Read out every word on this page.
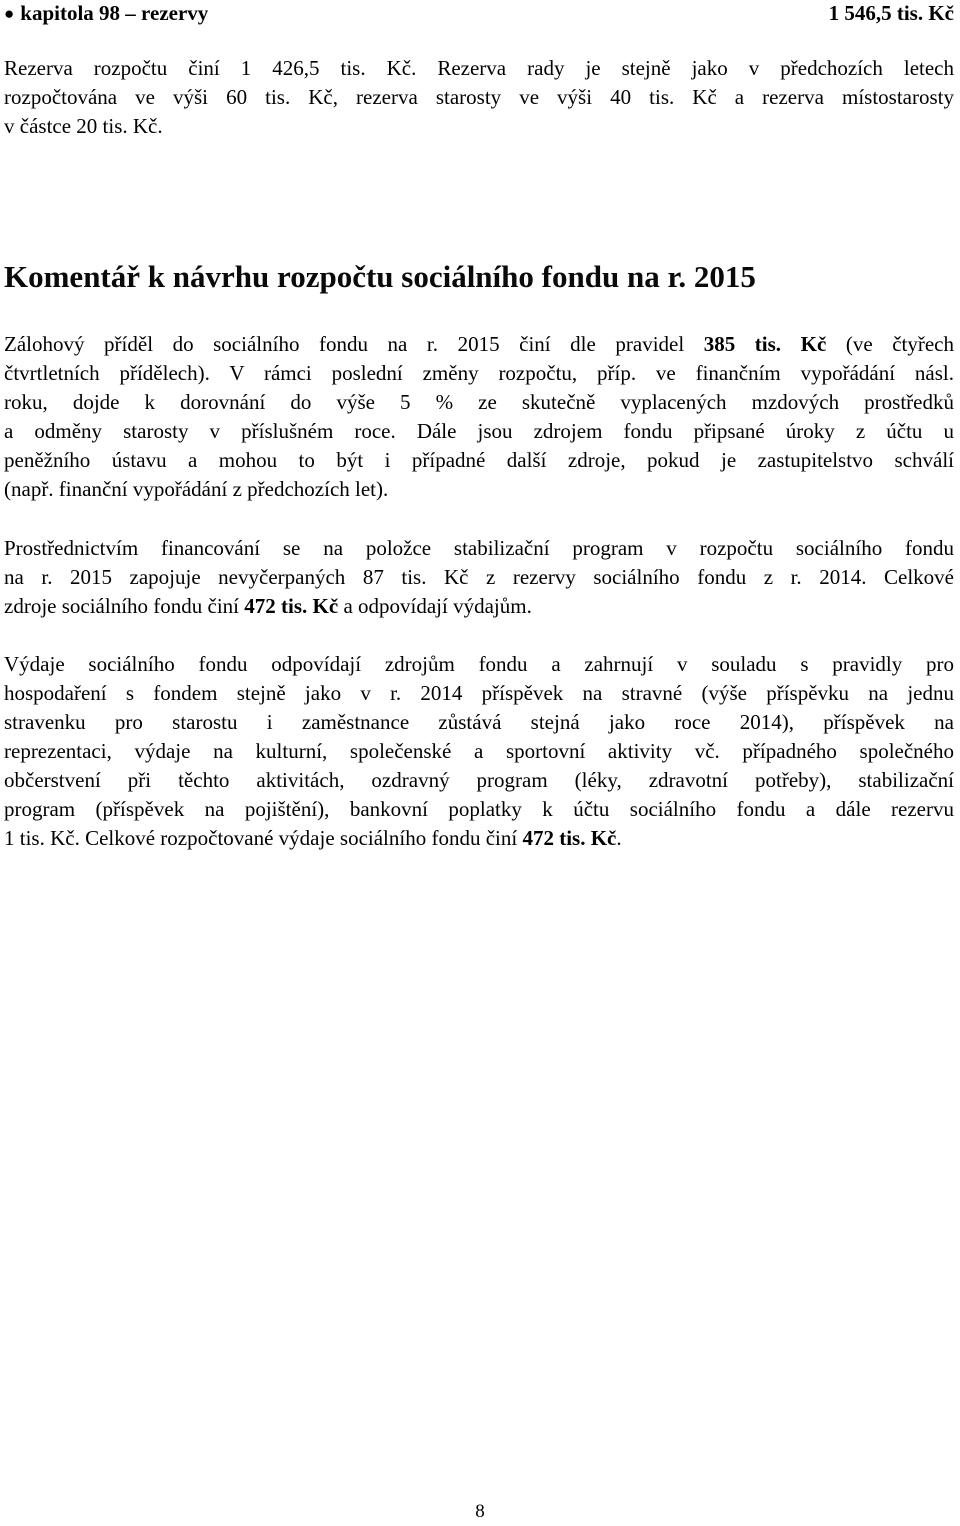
● kapitola 98 – rezervy	1 546,5 tis. Kč
Rezerva rozpočtu činí 1 426,5 tis. Kč. Rezerva rady je stejně jako v předchozích letech
rozpočtována ve výši 60 tis. Kč, rezerva starosty ve výši 40 tis. Kč a rezerva místostarosty
v částce 20 tis. Kč.
Komentář k návrhu rozpočtu sociálního fondu na r. 2015
Zálohový příděl do sociálního fondu na r. 2015 činí dle pravidel 385 tis. Kč (ve čtyřech
čtvrtletních přídělech). V rámci poslední změny rozpočtu, příp. ve finančním vypořádání násl.
roku, dojde k dorovnání do výše 5 % ze skutečně vyplacených mzdových prostředků
a odměny starosty v příslušném roce. Dále jsou zdrojem fondu připsané úroky z účtu u
peněžního ústavu a mohou to být i případné další zdroje, pokud je zastupitelstvo schválí
(např. finanční vypořádání z předchozích let).
Prostřednictvím financování se na položce stabilizační program v rozpočtu sociálního fondu
na r. 2015 zapojuje nevyčerpaných 87 tis. Kč z rezervy sociálního fondu z r. 2014. Celkové
zdroje sociálního fondu činí 472 tis. Kč a odpovídají výdajům.
Výdaje sociálního fondu odpovídají zdrojům fondu a zahrnují v souladu s pravidly pro
hospodaření s fondem stejně jako v r. 2014 příspěvek na stravné (výše příspěvku na jednu
stravenku pro starostu i zaměstnance zůstává stejná jako roce 2014), příspěvek na
reprezentaci, výdaje na kulturní, společenské a sportovní aktivity vč. případného společného
občerstvení při těchto aktivitách, ozdravný program (léky, zdravotní potřeby), stabilizační
program (příspěvek na pojištění), bankovní poplatky k účtu sociálního fondu a dále rezervu
1 tis. Kč. Celkové rozpočtované výdaje sociálního fondu činí 472 tis. Kč.
8
